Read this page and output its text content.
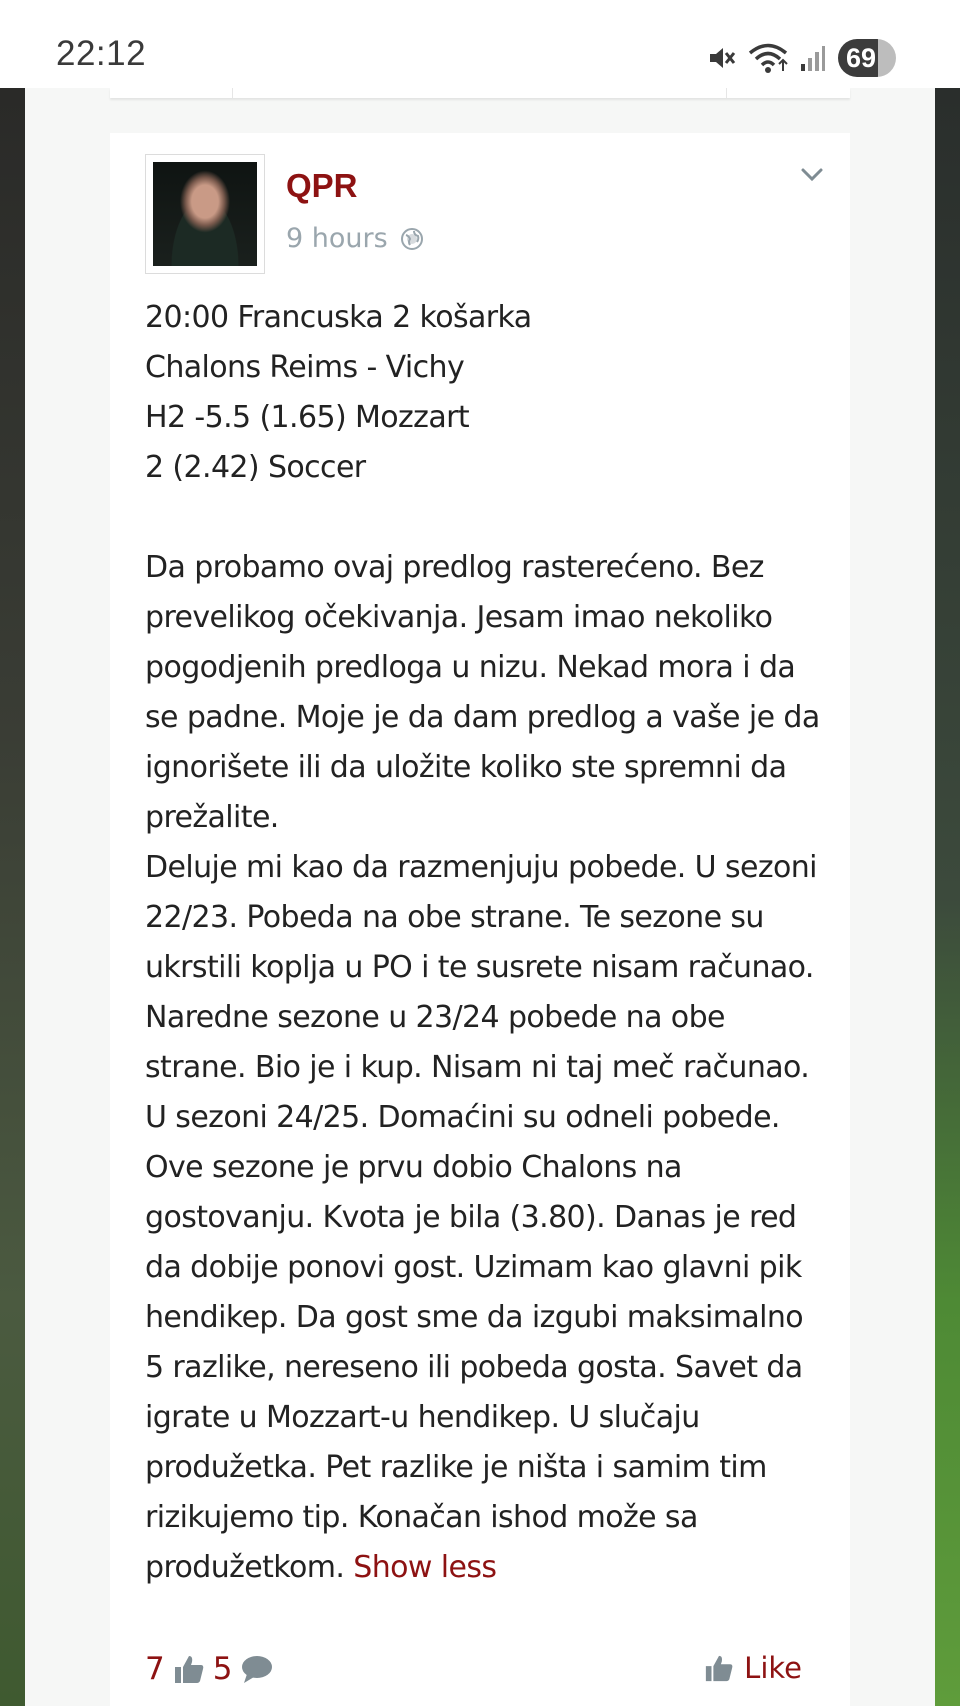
22:12	69
QPR
9 hours

20:00 Francuska 2 košarka

Chalons Reims - Vichy

H2 -5.5 (1.65) Mozzart

2 (2.42) Soccer

Da probamo ovaj predlog rasterećeno. Bez prevelikog očekivanja. Jesam imao nekoliko pogodjenih predloga u nizu. Nekad mora i da se padne. Moje je da dam predlog a vaše je da ignorišete ili da uložite koliko ste spremni da prežalite.

Deluje mi kao da razmenjuju pobede. U sezoni 22/23. Pobeda na obe strane. Te sezone su ukrstili koplja u PO i te susrete nisam računao. Naredne sezone u 23/24 pobede na obe strane. Bio je i kup. Nisam ni taj meč računao. U sezoni 24/25. Domaćini su odneli pobede. Ove sezone je prvu dobio Chalons na gostovanju. Kvota je bila (3.80). Danas je red da dobije ponovi gost. Uzimam kao glavni pik hendikep. Da gost sme da izgubi maksimalno 5 razlike, nereseno ili pobeda gosta. Savet da igrate u Mozzart-u hendikep. U slučaju produžetka. Pet razlike je ništa i samim tim rizikujemo tip. Konačan ishod može sa produžetkom. Show less

7 5	Like
